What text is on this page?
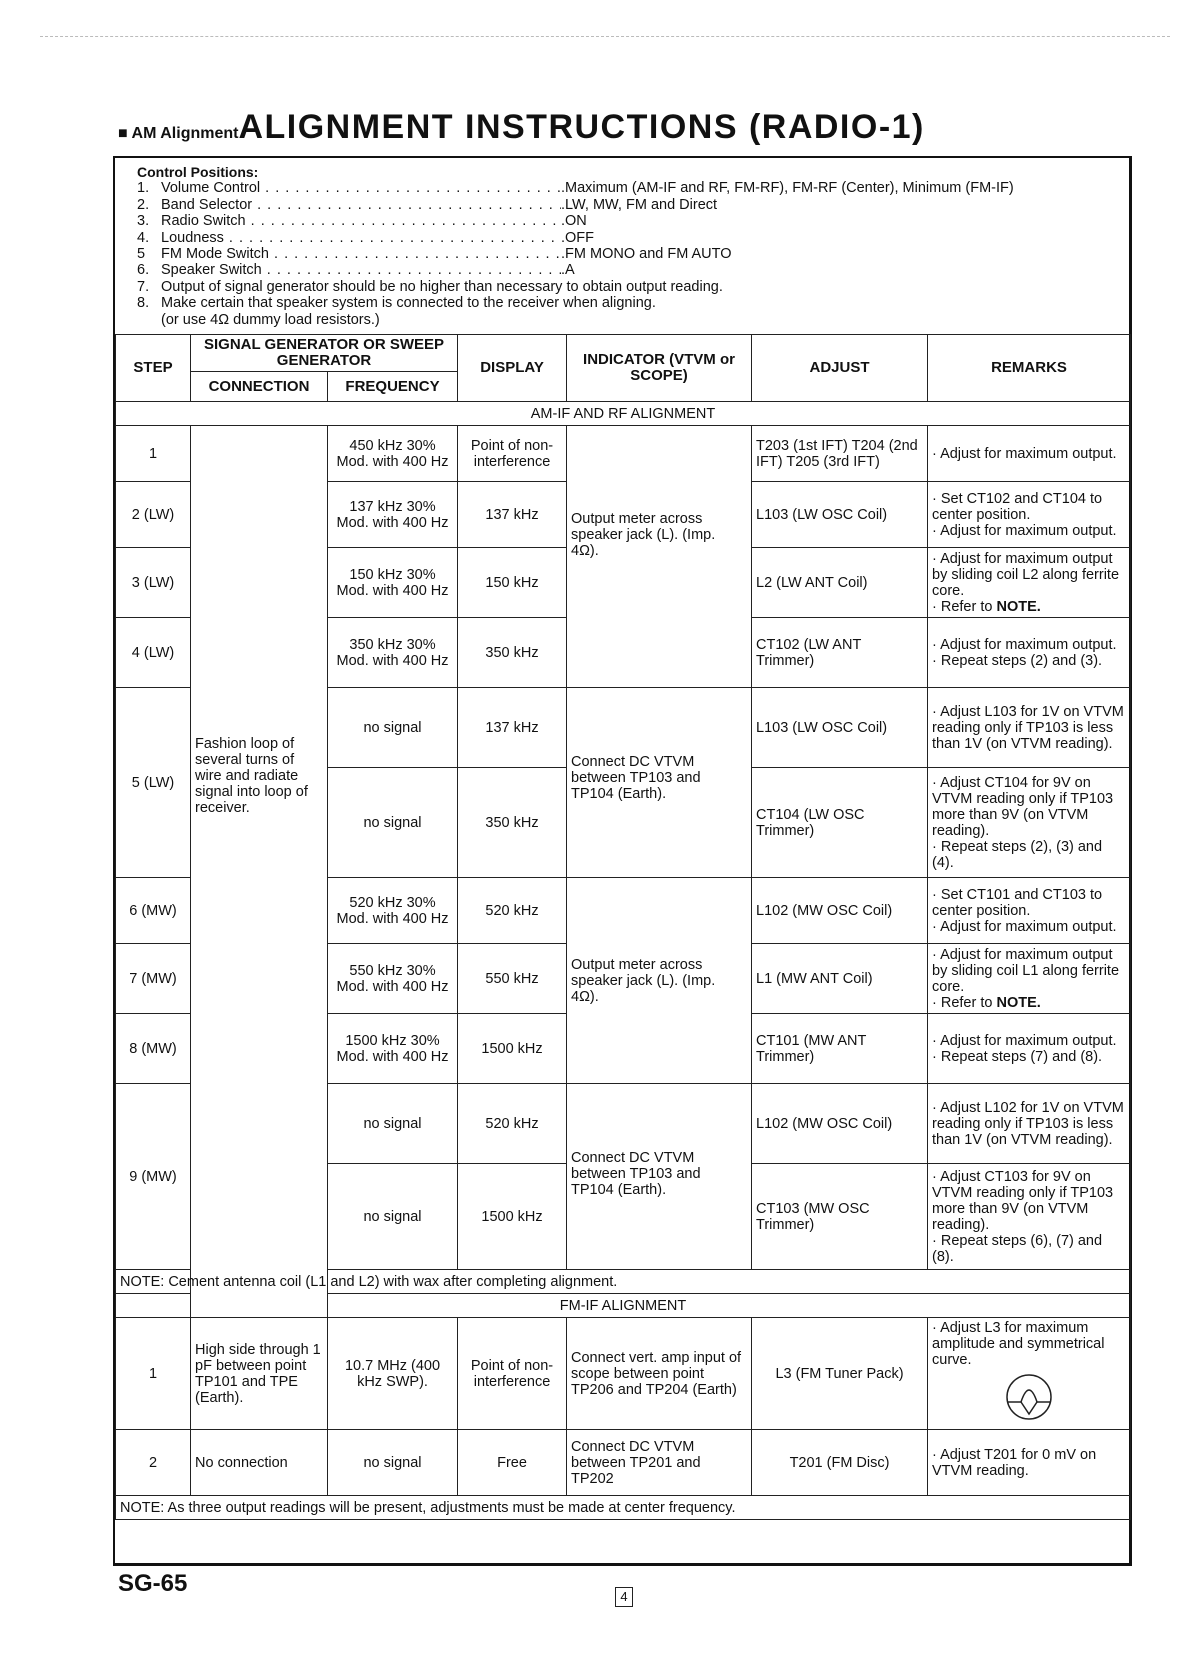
■ AM Alignment ALIGNMENT INSTRUCTIONS (RADIO-1)
Control Positions:
1. Volume Control . . .	.Maximum (AM-IF and RF, FM-RF), FM-RF (Center), Minimum (FM-IF)
2. Band Selector . . .	.LW, MW, FM and Direct
3. Radio Switch . . .	.ON
4. Loudness . . .	.OFF
5	FM Mode Switch . . .	.FM MONO and FM AUTO
6. Speaker Switch . . .	.A
7. Output of signal generator should be no higher than necessary to obtain output reading.
8. Make certain that speaker system is connected to the receiver when aligning.
(or use 4Ω dummy load resistors.)
STEP	SIGNAL GENERATOR OR SWEEP GENERATOR		DISPLAY	INDICATOR (VTVM or SCOPE)	ADJUST	REMARKS
	CONNECTION	FREQUENCY				
AM-IF AND RF ALIGNMENT						
1	Fashion loop of several turns of wire and radiate signal into loop of receiver.	450 kHz 30% Mod. with 400 Hz	Point of non-interference	Output meter across speaker jack (L). (Imp. 4Ω).	T203 (1st IFT) T204 (2nd IFT) T205 (3rd IFT)	· Adjust for maximum output.
2 (LW)		137 kHz 30% Mod. with 400 Hz	137 kHz		L103 (LW OSC Coil)	· Set CT102 and CT104 to center position.
· Adjust for maximum output.

3 (LW)		150 kHz 30% Mod. with 400 Hz	150 kHz		L2 (LW ANT Coil)	· Adjust for maximum output by sliding coil L2 along ferrite core.
· Refer to NOTE.
4 (LW)		350 kHz 30% Mod. with 400 Hz	350 kHz		CT102 (LW ANT Trimmer)	· Adjust for maximum output.
· Repeat steps (2) and (3).

5 (LW)		no signal	137 kHz	Connect DC VTVM between TP103 and TP104 (Earth).	L103 (LW OSC Coil)	· Adjust L103 for 1V on VTVM reading only if TP103 is less than 1V (on VTVM reading).
		no signal	350 kHz		CT104 (LW OSC Trimmer)	· Adjust CT104 for 9V on VTVM reading only if TP103 more than 9V (on VTVM reading).
· Repeat steps (2), (3) and (4).

6 (MW)		520 kHz 30% Mod. with 400 Hz	520 kHz	Output meter across speaker jack (L). (Imp. 4Ω).	L102 (MW OSC Coil)	· Set CT101 and CT103 to center position.
· Adjust for maximum output.

7 (MW)		550 kHz 30% Mod. with 400 Hz	550 kHz		L1 (MW ANT Coil)	· Adjust for maximum output by sliding coil L1 along ferrite core.
· Refer to NOTE.
8 (MW)		1500 kHz 30% Mod. with 400 Hz	1500 kHz		CT101 (MW ANT Trimmer)	· Adjust for maximum output.
· Repeat steps (7) and (8).

9 (MW)		no signal	520 kHz	Connect DC VTVM between TP103 and TP104 (Earth).	L102 (MW OSC Coil)	· Adjust L102 for 1V on VTVM reading only if TP103 is less than 1V (on VTVM reading).
		no signal	1500 kHz		CT103 (MW OSC Trimmer)	· Adjust CT103 for 9V on VTVM reading only if TP103 more than 9V (on VTVM reading).
· Repeat steps (6), (7) and (8).

NOTE: Cement antenna coil (L1 and L2) with wax after completing alignment.						
FM-IF ALIGNMENT						
1	High side through 1 pF between point TP101 and TPE (Earth).	10.7 MHz (400 kHz SWP).	Point of non-interference	Connect vert. amp input of scope between point TP206 and TP204 (Earth)	L3 (FM Tuner Pack)	· Adjust L3 for maximum amplitude and symmetrical curve.

2	No connection	no signal	Free	Connect DC VTVM between TP201 and TP202	T201 (FM Disc)	· Adjust T201 for 0 mV on VTVM reading.
NOTE: As three output readings will be present, adjustments must be made at center frequency.						
SG-65	4
